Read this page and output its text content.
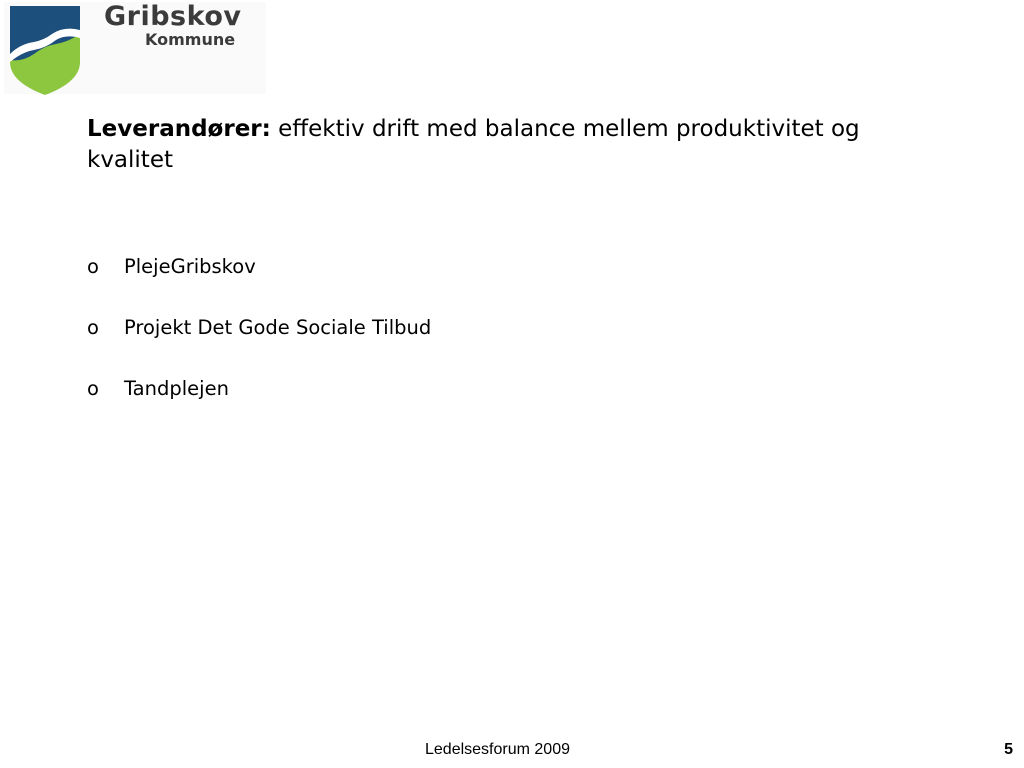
Gribskov
Kommune
Leverandører: effektiv drift med balance mellem produktivitet og kvalitet
o	PlejeGribskov
o	Projekt Det Gode Sociale Tilbud
o	Tandplejen
Ledelsesforum 2009	5
